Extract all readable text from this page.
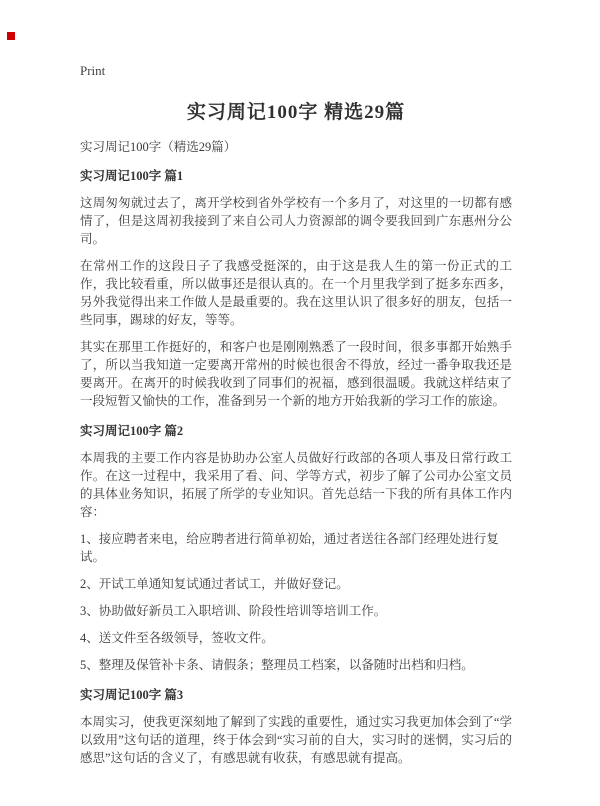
Print
实习周记100字 精选29篇
实习周记100字（精选29篇）
实习周记100字 篇1
这周匆匆就过去了，离开学校到省外学校有一个多月了，对这里的一切都有感情了，但是这周初我接到了来自公司人力资源部的调令要我回到广东惠州分公司。
在常州工作的这段日子了我感受挺深的，由于这是我人生的第一份正式的工作，我比较看重，所以做事还是很认真的。在一个月里我学到了挺多东西多，另外我觉得出来工作做人是最重要的。我在这里认识了很多好的朋友，包括一些同事，踢球的好友，等等。
其实在那里工作挺好的，和客户也是刚刚熟悉了一段时间，很多事都开始熟手了，所以当我知道一定要离开常州的时候也很舍不得放，经过一番争取我还是要离开。在离开的时候我收到了同事们的祝福，感到很温暖。我就这样结束了一段短暂又愉快的工作，准备到另一个新的地方开始我新的学习工作的旅途。
实习周记100字 篇2
本周我的主要工作内容是协助办公室人员做好行政部的各项人事及日常行政工作。在这一过程中，我采用了看、问、学等方式，初步了解了公司办公室文员的具体业务知识，拓展了所学的专业知识。首先总结一下我的所有具体工作内容：
1、接应聘者来电，给应聘者进行简单初始，通过者送往各部门经理处进行复试。
2、开试工单通知复试通过者试工，并做好登记。
3、协助做好新员工入职培训、阶段性培训等培训工作。
4、送文件至各级领导，签收文件。
5、整理及保管补卡条、请假条；整理员工档案，以备随时出档和归档。
实习周记100字 篇3
本周实习，使我更深刻地了解到了实践的重要性，通过实习我更加体会到了“学以致用”这句话的道理，终于体会到“实习前的自大，实习时的迷惘，实习后的感思”这句话的含义了，有感思就有收获，有感思就有提高。
